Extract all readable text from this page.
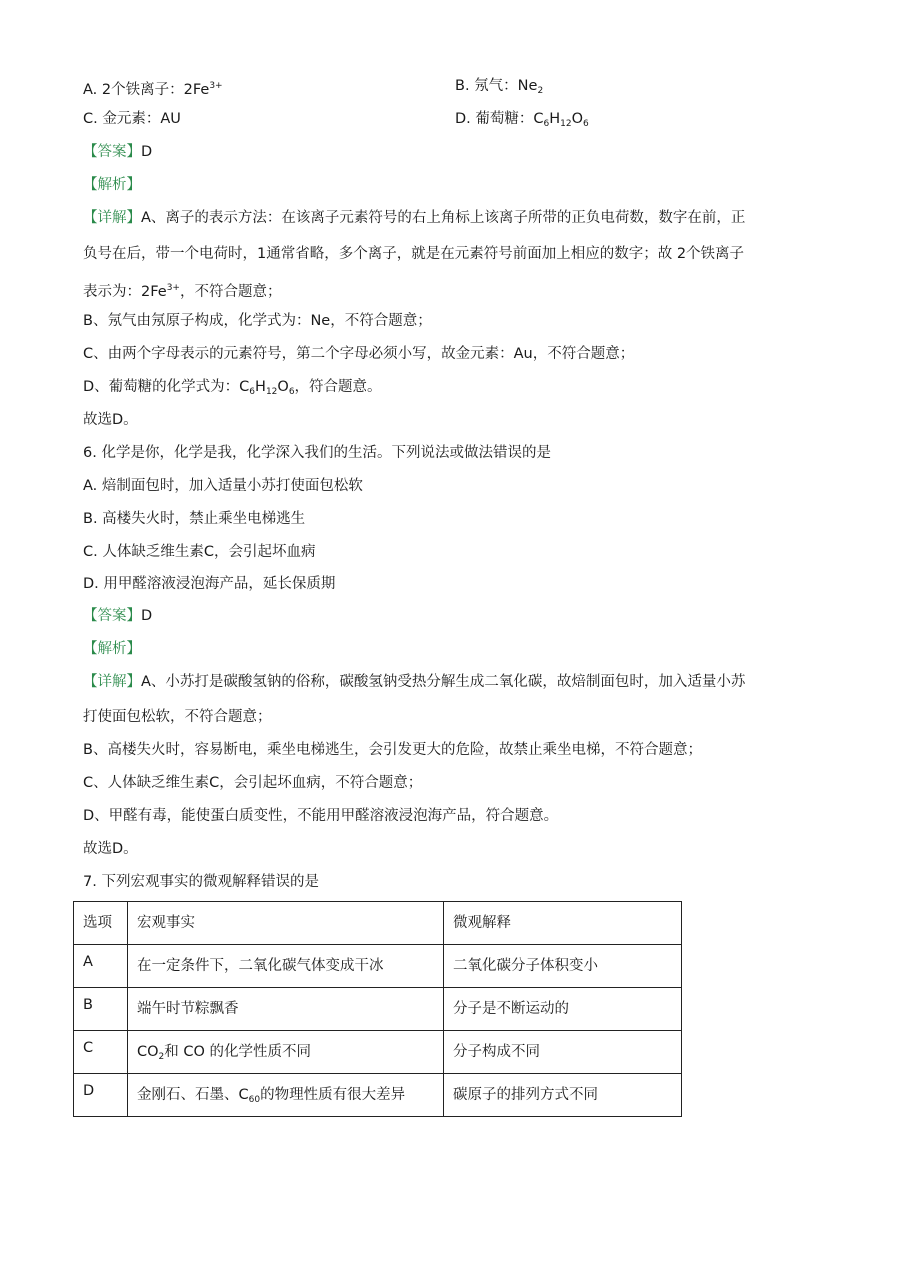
A. 2个铁离子：$2Fe^{3+}$	B. 氖气：$Ne_2$
C. 金元素：AU	D. 葡萄糖：$C_6H_{12}O_6$
【答案】D
【解析】
【详解】A、离子的表示方法：在该离子元素符号的右上角标上该离子所带的正负电荷数，数字在前，正
负号在后，带一个电荷时，1通常省略，多个离子，就是在元素符号前面加上相应的数字；故 2个铁离子
表示为：$2Fe^{3+}$，不符合题意；
B、氖气由氖原子构成，化学式为：Ne，不符合题意；
C、由两个字母表示的元素符号，第二个字母必须小写，故金元素：Au，不符合题意；
D、葡萄糖的化学式为：$C_6H_{12}O_6$，符合题意。
故选D。
6. 化学是你，化学是我，化学深入我们的生活。下列说法或做法错误的是
A. 焙制面包时，加入适量小苏打使面包松软
B. 高楼失火时，禁止乘坐电梯逃生
C. 人体缺乏维生素C，会引起坏血病
D. 用甲醛溶液浸泡海产品，延长保质期
【答案】D
【解析】
【详解】A、小苏打是碳酸氢钠的俗称，碳酸氢钠受热分解生成二氧化碳，故焙制面包时，加入适量小苏
打使面包松软，不符合题意；
B、高楼失火时，容易断电，乘坐电梯逃生，会引发更大的危险，故禁止乘坐电梯，不符合题意；
C、人体缺乏维生素C，会引起坏血病，不符合题意；
D、甲醛有毒，能使蛋白质变性，不能用甲醛溶液浸泡海产品，符合题意。
故选D。
7. 下列宏观事实的微观解释错误的是
选项	宏观事实	微观解释
A	在一定条件下，二氧化碳气体变成干冰	二氧化碳分子体积变小
B	端午时节粽飘香	分子是不断运动的
C	$CO_2$和 CO 的化学性质不同	分子构成不同
D	金刚石、石墨、$C_{60}$的物理性质有很大差异	碳原子的排列方式不同
